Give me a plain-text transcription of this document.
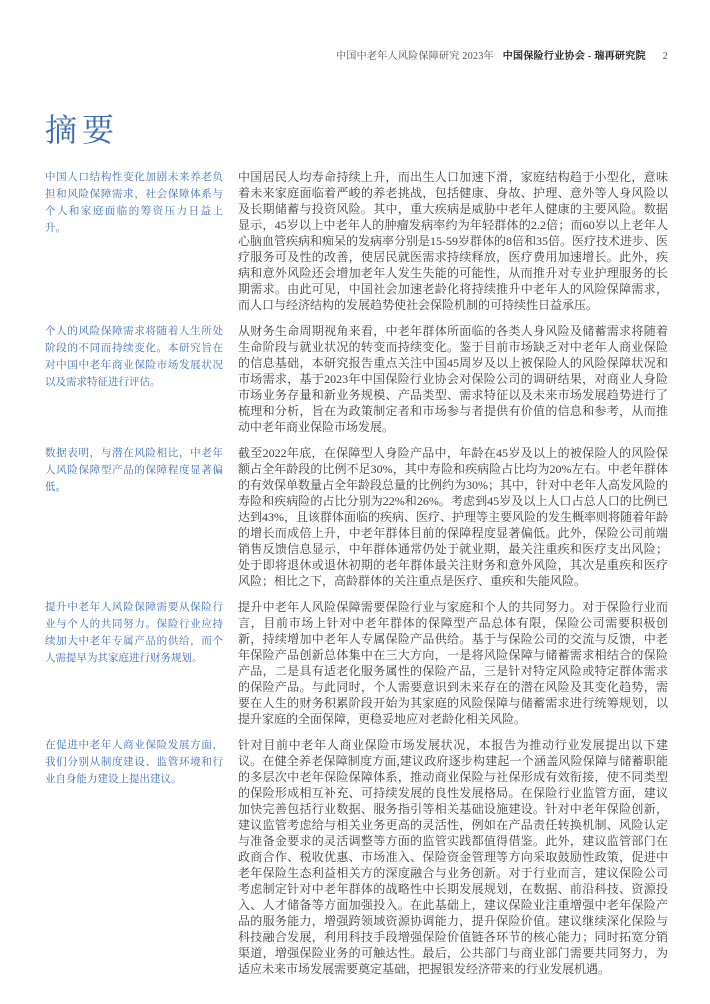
中国中老年人风险保障研究 2023年 中国保险行业协会 - 瑞再研究院 2
摘要
中国人口结构性变化加剧未来养老负担和风险保障需求，社会保障体系与个人和家庭面临的筹资压力日益上升。
中国居民人均寿命持续上升，而出生人口加速下滑，家庭结构趋于小型化，意味着未来家庭面临着严峻的养老挑战，包括健康、身故、护理、意外等人身风险以及长期储蓄与投资风险。其中，重大疾病是威胁中老年人健康的主要风险。数据显示，45岁以上中老年人的肿瘤发病率约为年轻群体的2.2倍；而60岁以上老年人心脑血管疾病和痴呆的发病率分别是15-59岁群体的8倍和35倍。医疗技术进步、医疗服务可及性的改善，使居民就医需求持续释放，医疗费用加速增长。此外，疾病和意外风险还会增加老年人发生失能的可能性，从而推升对专业护理服务的长期需求。由此可见，中国社会加速老龄化将持续推升中老年人的风险保障需求，而人口与经济结构的发展趋势使社会保险机制的可持续性日益承压。
个人的风险保障需求将随着人生所处阶段的不同而持续变化。本研究旨在对中国中老年商业保险市场发展状况以及需求特征进行评估。
从财务生命周期视角来看，中老年群体所面临的各类人身风险及储蓄需求将随着生命阶段与就业状况的转变而持续变化。鉴于目前市场缺乏对中老年人商业保险的信息基础，本研究报告重点关注中国45周岁及以上被保险人的风险保障状况和市场需求，基于2023年中国保险行业协会对保险公司的调研结果，对商业人身险市场业务存量和新业务规模、产品类型、需求特征以及未来市场发展趋势进行了梳理和分析，旨在为政策制定者和市场参与者提供有价值的信息和参考，从而推动中老年商业保险市场发展。
数据表明，与潜在风险相比，中老年人风险保障型产品的保障程度显著偏低。
截至2022年底，在保障型人身险产品中，年龄在45岁及以上的被保险人的风险保额占全年龄段的比例不足30%，其中寿险和疾病险占比均为20%左右。中老年群体的有效保单数量占全年龄段总量的比例约为30%；其中，针对中老年人高发风险的寿险和疾病险的占比分别为22%和26%。考虑到45岁及以上人口占总人口的比例已达到43%，且该群体面临的疾病、医疗、护理等主要风险的发生概率则将随着年龄的增长而成倍上升，中老年群体目前的保障程度显著偏低。此外，保险公司前端销售反馈信息显示，中年群体通常仍处于就业期，最关注重疾和医疗支出风险；处于即将退休或退休初期的老年群体最关注财务和意外风险，其次是重疾和医疗风险；相比之下，高龄群体的关注重点是医疗、重疾和失能风险。
提升中老年人风险保障需要从保险行业与个人的共同努力。保险行业应持续加大中老年专属产品的供给，而个人需提早为其家庭进行财务规划。
提升中老年人风险保障需要保险行业与家庭和个人的共同努力。对于保险行业而言，目前市场上针对中老年群体的保障型产品总体有限，保险公司需要积极创新，持续增加中老年人专属保险产品供给。基于与保险公司的交流与反馈，中老年保险产品创新总体集中在三大方向，一是将风险保障与储蓄需求相结合的保险产品，二是具有适老化服务属性的保险产品，三是针对特定风险或特定群体需求的保险产品。与此同时，个人需要意识到未来存在的潜在风险及其变化趋势，需要在人生的财务积累阶段开始为其家庭的风险保障与储蓄需求进行统筹规划，以提升家庭的全面保障，更稳妥地应对老龄化相关风险。
在促进中老年人商业保险发展方面，我们分别从制度建设、监管环境和行业自身能力建设上提出建议。
针对目前中老年人商业保险市场发展状况，本报告为推动行业发展提出以下建议。在健全养老保障制度方面,建议政府逐步构建起一个涵盖风险保障与储蓄职能的多层次中老年保险保障体系，推动商业保险与社保形成有效衔接，使不同类型的保险形成相互补充、可持续发展的良性发展格局。在保险行业监管方面，建议加快完善包括行业数据、服务指引等相关基础设施建设。针对中老年保险创新，建议监管考虑给与相关业务更高的灵活性，例如在产品责任转换机制、风险认定与准备金要求的灵活调整等方面的监管实践都值得借鉴。此外，建议监管部门在政商合作、税收优惠、市场准入、保险资金管理等方向采取鼓励性政策，促进中老年保险生态利益相关方的深度融合与业务创新。对于行业而言，建议保险公司考虑制定针对中老年群体的战略性中长期发展规划，在数据、前沿科技、资源投入、人才储备等方面加强投入。在此基础上，建议保险业注重增强中老年保险产品的服务能力，增强跨领域资源协调能力，提升保险价值。建议继续深化保险与科技融合发展，利用科技手段增强保险价值链各环节的核心能力；同时拓宽分销渠道，增强保险业务的可触达性。最后，公共部门与商业部门需要共同努力，为适应未来市场发展需要奠定基础，把握银发经济带来的行业发展机遇。
